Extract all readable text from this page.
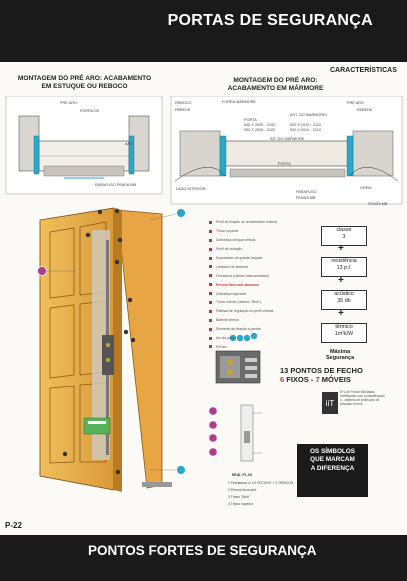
PORTAS DE SEGURANÇA
MONTAGEM DO PRÉ ARO: ACABAMENTO EM ESTUQUE OU REBOCO
PRÉ ARO
ARO
FORRA DE
PARAFUSO FENDA MB
CARACTERÍSTICAS
MONTAGEM DO PRÉ ARO: ACABAMENTO EM MÁRMORE
REBOCO
PAREDE
FORRA MÁRMORE	PRÉ ARO
PAREDE
PORTA
900 X 2000 - 2100
900 X 2000 - 2100
(INT. DO MARMORE)
920 X 2010 - 2110
920 X 2010 - 2110
INT. DO MÁRMORE
PORTA
PARAFUSO
FENDA MB
GREM
LADO INTERIOR
FENDA MB
Perfil de fixação do revestimento exterior
Trinco superior
Dobradiça oblíqua vertical
Perfil de vedação
Espessador de grande angular
Limitador de abertura
Fechadura (cilindro intercambiável)
Pernos fixos anti-alavanca
Dobradiça regulável
Trinco inferior (rasteiro "Blok")
Patilhas de regulação do perfil vertical
Batente inferior
Elemento de fixação à parede
Aro da porta
Pré-aro
classe
3
+
resistência
13 p.f.
+
acústico
35 db
+
térmico
1m²k/W
Máxima
Segurança
13 PONTOS DE FECHO
6 FIXOS - 7 MÓVEIS
iiT
Nº1 de Portas Blindadas certificadas com a classificação 3 - sistema de protecção de pessoas e bens
OS SÍMBOLOS
QUE MARCAM
A DIFERENÇA
MOD. PL.03
1 Fechadura c/ 1/2 FECHOS + 2 TRINCOS
2 Pernos fixos anti.
3 Trinco "Blok"
4 Trinco superior
P-22
PONTOS FORTES DE SEGURANÇA
